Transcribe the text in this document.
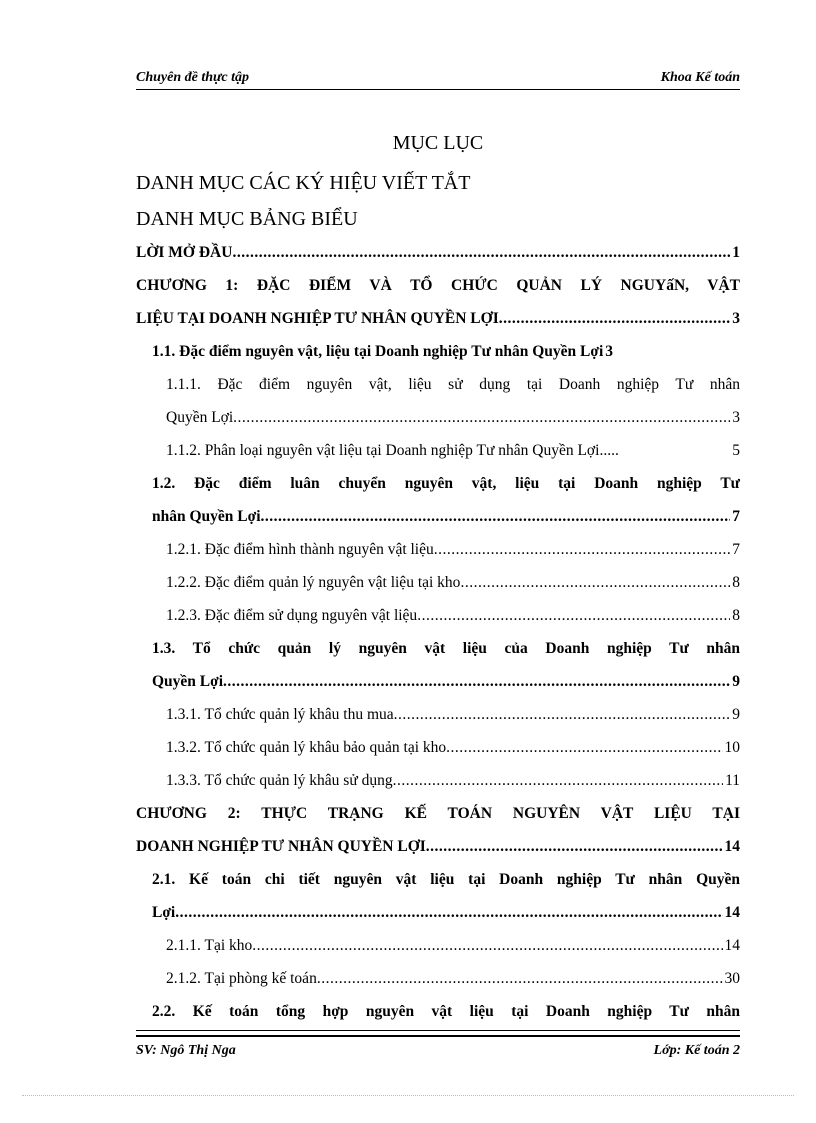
Chuyên đề thực tập	Khoa Kế toán
MỤC LỤC
DANH MỤC CÁC KÝ HIỆU VIẾT TẮT
DANH MỤC BẢNG BIỂU
LỜI MỞ ĐẦU .....	1
CHƯƠNG 1: ĐẶC ĐIỂM VÀ TỔ CHỨC QUẢN LÝ NGUYấN, VẬT
LIỆU TẠI DOANH NGHIỆP TƯ NHÂN QUYỀN LỢI .....	3
1.1. Đặc điểm nguyên vật, liệu tại Doanh nghiệp Tư nhân Quyền Lợi 3
1.1.1. Đặc điểm nguyên vật, liệu sử dụng tại Doanh nghiệp Tư nhân
Quyền Lợi .....	3
1.1.2. Phân loại nguyên vật liệu tại Doanh nghiệp Tư nhân Quyền Lợi.....	5
1.2. Đặc điểm luân chuyển nguyên vật, liệu tại Doanh nghiệp Tư
nhân Quyền Lợi .....	7
1.2.1. Đặc điểm hình thành nguyên vật liệu .....	7
1.2.2. Đặc điểm quản lý nguyên vật liệu tại kho .....	8
1.2.3. Đặc điểm sử dụng nguyên vật liệu .....	8
1.3. Tổ chức quản lý nguyên vật liệu của Doanh nghiệp Tư nhân
Quyền Lợi .....	9
1.3.1. Tổ chức quản lý khâu thu mua .....	9
1.3.2. Tổ chức quản lý khâu bảo quản tại kho .....	10
1.3.3. Tổ chức quản lý khâu sử dụng .....	11
CHƯƠNG 2: THỰC TRẠNG KẾ TOÁN NGUYÊN VẬT LIỆU TẠI
DOANH NGHIỆP TƯ NHÂN QUYỀN LỢI .....	14
2.1. Kế toán chi tiết nguyên vật liệu tại Doanh nghiệp Tư nhân Quyền
Lợi .....	14
2.1.1. Tại kho .....	14
2.1.2. Tại phòng kế toán .....	30
2.2. Kế toán tổng hợp nguyên vật liệu tại Doanh nghiệp Tư nhân
SV: Ngô Thị Nga	Lớp: Kế toán 2
